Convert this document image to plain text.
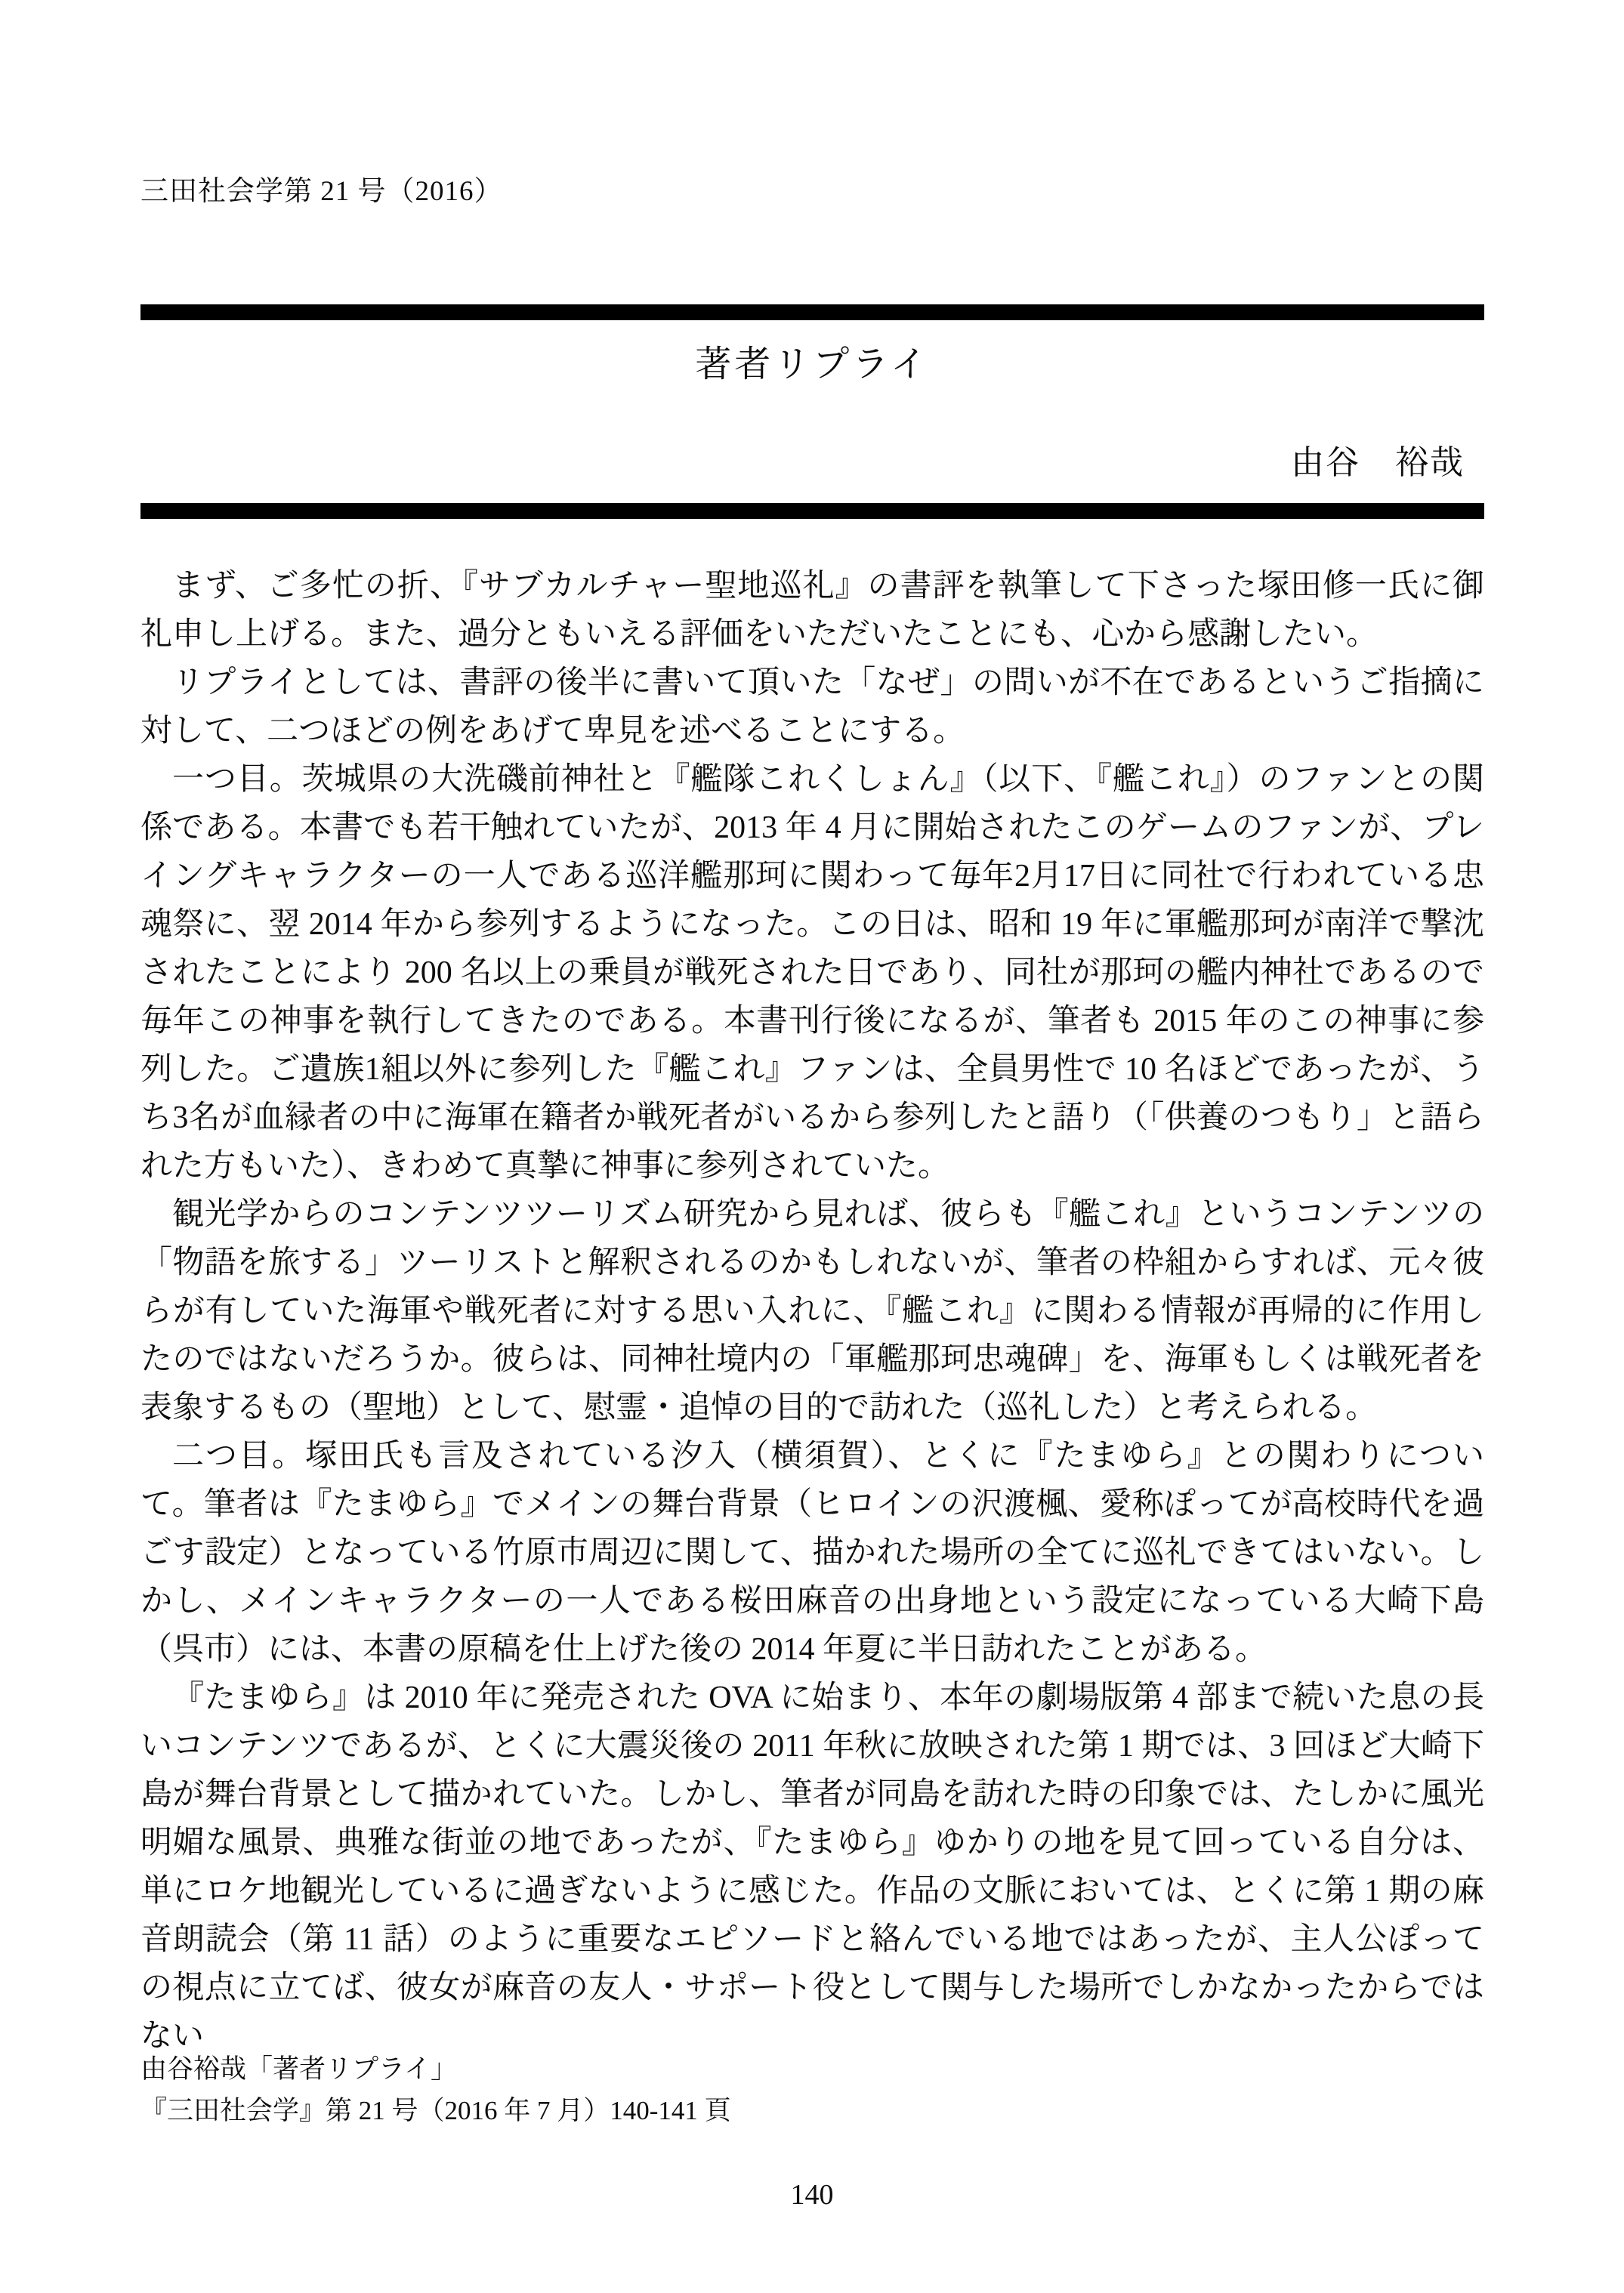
三田社会学第 21 号（2016）
著者リプライ
由谷　裕哉

まず、ご多忙の折、『サブカルチャー聖地巡礼』の書評を執筆して下さった塚田修一氏に御礼申し上げる。また、過分ともいえる評価をいただいたことにも、心から感謝したい。

リプライとしては、書評の後半に書いて頂いた「なぜ」の問いが不在であるというご指摘に対して、二つほどの例をあげて卑見を述べることにする。

一つ目。茨城県の大洗磯前神社と『艦隊これくしょん』（以下、『艦これ』）のファンとの関係である。本書でも若干触れていたが、2013 年 4 月に開始されたこのゲームのファンが、プレイングキャラクターの一人である巡洋艦那珂に関わって毎年2月17日に同社で行われている忠魂祭に、翌 2014 年から参列するようになった。この日は、昭和 19 年に軍艦那珂が南洋で撃沈されたことにより 200 名以上の乗員が戦死された日であり、同社が那珂の艦内神社であるので毎年この神事を執行してきたのである。本書刊行後になるが、筆者も 2015 年のこの神事に参列した。ご遺族1組以外に参列した『艦これ』ファンは、全員男性で 10 名ほどであったが、うち3名が血縁者の中に海軍在籍者か戦死者がいるから参列したと語り（「供養のつもり」と語られた方もいた）、きわめて真摯に神事に参列されていた。

観光学からのコンテンツツーリズム研究から見れば、彼らも『艦これ』というコンテンツの「物語を旅する」ツーリストと解釈されるのかもしれないが、筆者の枠組からすれば、元々彼らが有していた海軍や戦死者に対する思い入れに、『艦これ』に関わる情報が再帰的に作用したのではないだろうか。彼らは、同神社境内の「軍艦那珂忠魂碑」を、海軍もしくは戦死者を表象するもの（聖地）として、慰霊・追悼の目的で訪れた（巡礼した）と考えられる。

二つ目。塚田氏も言及されている汐入（横須賀）、とくに『たまゆら』との関わりについて。筆者は『たまゆら』でメインの舞台背景（ヒロインの沢渡楓、愛称ぽってが高校時代を過ごす設定）となっている竹原市周辺に関して、描かれた場所の全てに巡礼できてはいない。しかし、メインキャラクターの一人である桜田麻音の出身地という設定になっている大崎下島（呉市）には、本書の原稿を仕上げた後の 2014 年夏に半日訪れたことがある。

『たまゆら』は 2010 年に発売された OVA に始まり、本年の劇場版第 4 部まで続いた息の長いコンテンツであるが、とくに大震災後の 2011 年秋に放映された第 1 期では、3 回ほど大崎下島が舞台背景として描かれていた。しかし、筆者が同島を訪れた時の印象では、たしかに風光明媚な風景、典雅な街並の地であったが、『たまゆら』ゆかりの地を見て回っている自分は、単にロケ地観光しているに過ぎないように感じた。作品の文脈においては、とくに第 1 期の麻音朗読会（第 11 話）のように重要なエピソードと絡んでいる地ではあったが、主人公ぽっての視点に立てば、彼女が麻音の友人・サポート役として関与した場所でしかなかったからではない

由谷裕哉「著者リプライ」
『三田社会学』第 21 号（2016 年 7 月）140-141 頁
140
